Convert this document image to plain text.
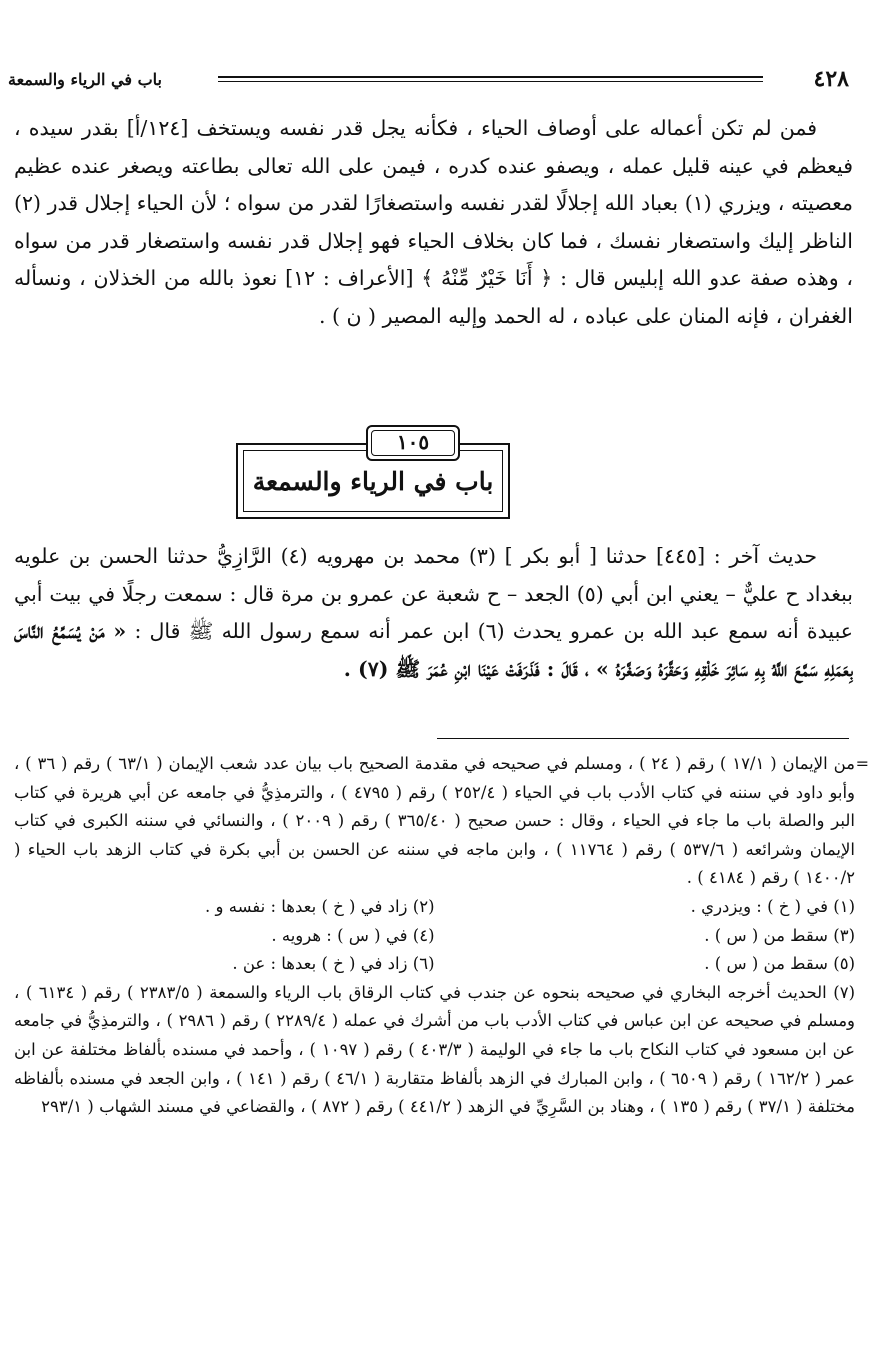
٤٢٨
باب في الرياء والسمعة

فمن لم تكن أعماله على أوصاف الحياء ، فكأنه يجل قدر نفسه ويستخف [١٢٤/أ] بقدر سيده ، فيعظم في عينه قليل عمله ، ويصفو عنده كدره ، فيمن على الله تعالى بطاعته ويصغر عنده عظيم معصيته ، ويزري (١) بعباد الله إجلالًا لقدر نفسه واستصغارًا لقدر من سواه ؛ لأن الحياء إجلال قدر (٢) الناظر إليك واستصغار نفسك ، فما كان بخلاف الحياء فهو إجلال قدر نفسه واستصغار قدر من سواه ، وهذه صفة عدو الله إبليس قال : ﴿ أَنَا خَيْرٌ مِّنْهُ ﴾ [الأعراف : ١٢] نعوذ بالله من الخذلان ، ونسأله الغفران ، فإنه المنان على عباده ، له الحمد وإليه المصير ( ن ) .

باب في الرياء والسمعة
١٠٥

حديث آخر : [٤٤٥] حدثنا [ أبو بكر ] (٣) محمد بن مهرويه (٤) الرَّازِيُّ حدثنا الحسن بن علويه ببغداد ح عليٌّ – يعني ابن أبي (٥) الجعد – ح شعبة عن عمرو بن مرة قال : سمعت رجلًا في بيت أبي عبيدة أنه سمع عبد الله بن عمرو يحدث (٦) ابن عمر أنه سمع رسول الله ﷺ قال : « مَنْ يُسَمِّعُ النَّاسَ بِعَمَلِهِ سَمَّعَ اللَّهُ بِهِ سَائِرَ خَلْقِهِ وَحَقَّرَهُ وَصَغَّرَهُ » ، قَالَ : فَذَرَفَتْ عَيْنَا ابْنِ عُمَرَ ﷺ (٧) .

=

من الإيمان ( ١٧/١ ) رقم ( ٢٤ ) ، ومسلم في صحيحه في مقدمة الصحيح باب بيان عدد شعب الإيمان ( ٦٣/١ ) رقم ( ٣٦ ) ، وأبو داود في سننه في كتاب الأدب باب في الحياء ( ٢٥٢/٤ ) رقم ( ٤٧٩٥ ) ، والترمذِيُّ في جامعه عن أبي هريرة في كتاب البر والصلة باب ما جاء في الحياء ، وقال : حسن صحيح ( ٣٦٥/٤٠ ) رقم ( ٢٠٠٩ ) ، والنسائي في سننه الكبرى في كتاب الإيمان وشرائعه ( ٥٣٧/٦ ) رقم ( ١١٧٦٤ ) ، وابن ماجه في سننه عن الحسن بن أبي بكرة في كتاب الزهد باب الحياء ( ١٤٠٠/٢ ) رقم ( ٤١٨٤ ) .

(١) في ( خ ) : ويزدري .
(٢) زاد في ( خ ) بعدها : نفسه و .
(٣) سقط من ( س ) .
(٤) في ( س ) : هرويه .
(٥) سقط من ( س ) .
(٦) زاد في ( خ ) بعدها : عن .

(٧) الحديث أخرجه البخاري في صحيحه بنحوه عن جندب في كتاب الرقاق باب الرياء والسمعة ( ٢٣٨٣/٥ ) رقم ( ٦١٣٤ ) ، ومسلم في صحيحه عن ابن عباس في كتاب الأدب باب من أشرك في عمله ( ٢٢٨٩/٤ ) رقم ( ٢٩٨٦ ) ، والترمذِيُّ في جامعه عن ابن مسعود في كتاب النكاح باب ما جاء في الوليمة ( ٤٠٣/٣ ) رقم ( ١٠٩٧ ) ، وأحمد في مسنده بألفاظ مختلفة عن ابن عمر ( ١٦٢/٢ ) رقم ( ٦٥٠٩ ) ، وابن المبارك في الزهد بألفاظ متقاربة ( ٤٦/١ ) رقم ( ١٤١ ) ، وابن الجعد في مسنده بألفاظه مختلفة ( ٣٧/١ ) رقم ( ١٣٥ ) ، وهناد بن السَّرِيِّ في الزهد ( ٤٤١/٢ ) رقم ( ٨٧٢ ) ، والقضاعي في مسند الشهاب ( ٢٩٣/١
